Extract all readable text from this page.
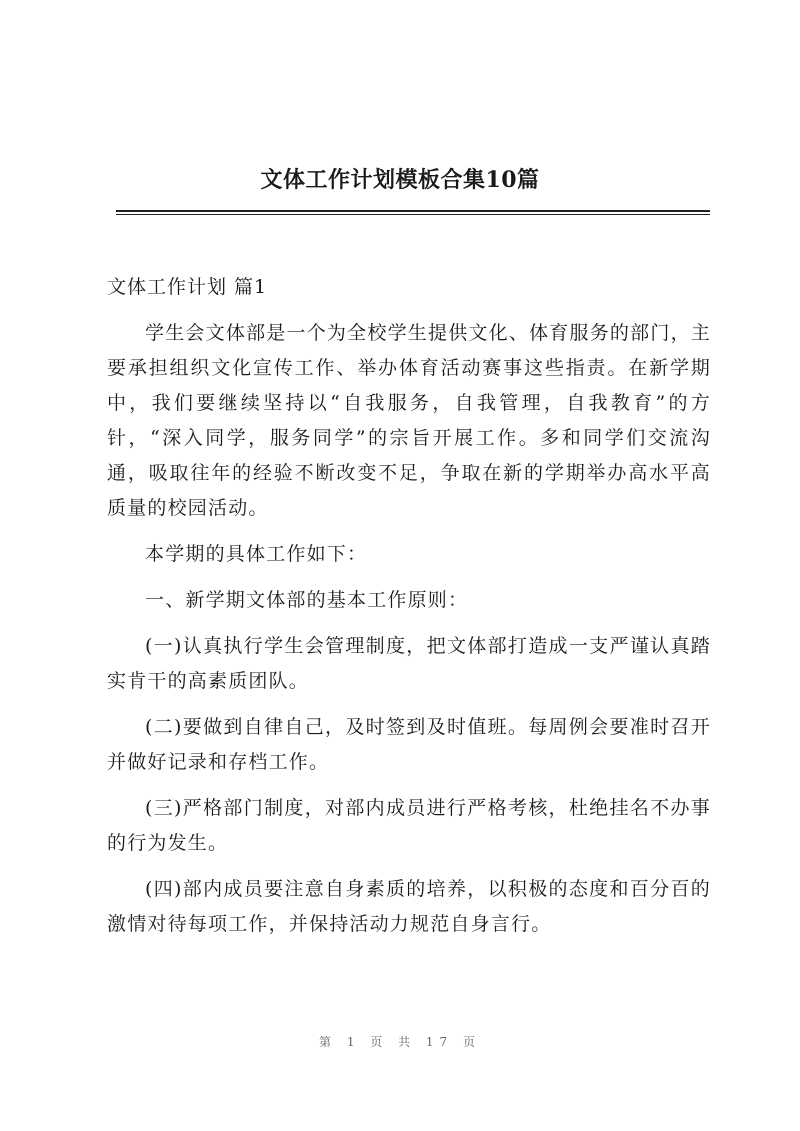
文体工作计划模板合集10篇

文体工作计划 篇1

学生会文体部是一个为全校学生提供文化、体育服务的部门，主要承担组织文化宣传工作、举办体育活动赛事这些指责。在新学期中，我们要继续坚持以“自我服务，自我管理，自我教育”的方针，“深入同学，服务同学”的宗旨开展工作。多和同学们交流沟通，吸取往年的经验不断改变不足，争取在新的学期举办高水平高质量的校园活动。

本学期的具体工作如下：

一、新学期文体部的基本工作原则：

(一)认真执行学生会管理制度，把文体部打造成一支严谨认真踏实肯干的高素质团队。

(二)要做到自律自己，及时签到及时值班。每周例会要准时召开并做好记录和存档工作。

(三)严格部门制度，对部内成员进行严格考核，杜绝挂名不办事的行为发生。

(四)部内成员要注意自身素质的培养，以积极的态度和百分百的激情对待每项工作，并保持活动力规范自身言行。

第 1 页 共 17 页
